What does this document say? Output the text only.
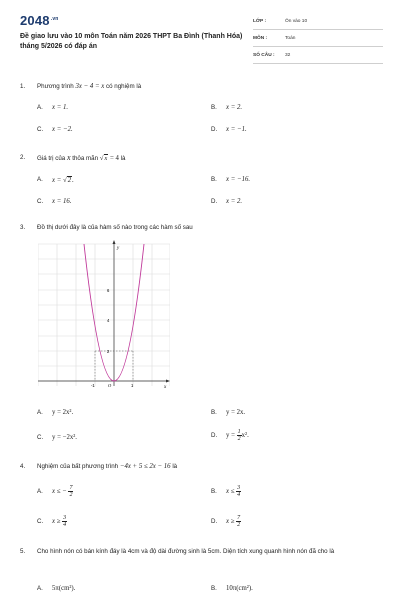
$2048^{.vn}$
Đề giao lưu vào 10 môn Toán năm 2026 THPT Ba Đình (Thanh Hóa) tháng 5/2026 có đáp án
LỚP :	Ôn vào 10
MÔN :	Toán
SỐ CÂU : 32
1. Phương trình 3x − 4 = x có nghiệm là
A. x = 1.	B. x = 2.
C. x = −2.	D. x = −1.
2. Giá trị của x thỏa mãn √x = 4 là
A. x = √2.	B. x = −16.
C. x = 16.	D. x = 2.
3. Đồ thị dưới đây là của hàm số nào trong các hàm số sau
y
x
O
6
4
2
-1	1
A. y = 2x².	B. y = 2x.
C. y = −2x².	D. $y = \frac{1}{2} x^2$.
4. Nghiệm của bất phương trình −4x + 5 ≤ 2x − 16 là
A. x ≤ − $\frac{7}{2}$	B. $x \le \frac{3}{4}$
C. $x \ge \frac{3}{4}$	D. $x \ge \frac{7}{2}$
5. Cho hình nón có bán kính đáy là 4cm và độ dài đường sinh là 5cm. Diện tích xung quanh hình nón đã cho là
A. 5π(cm²).	B. 10π(cm²).
